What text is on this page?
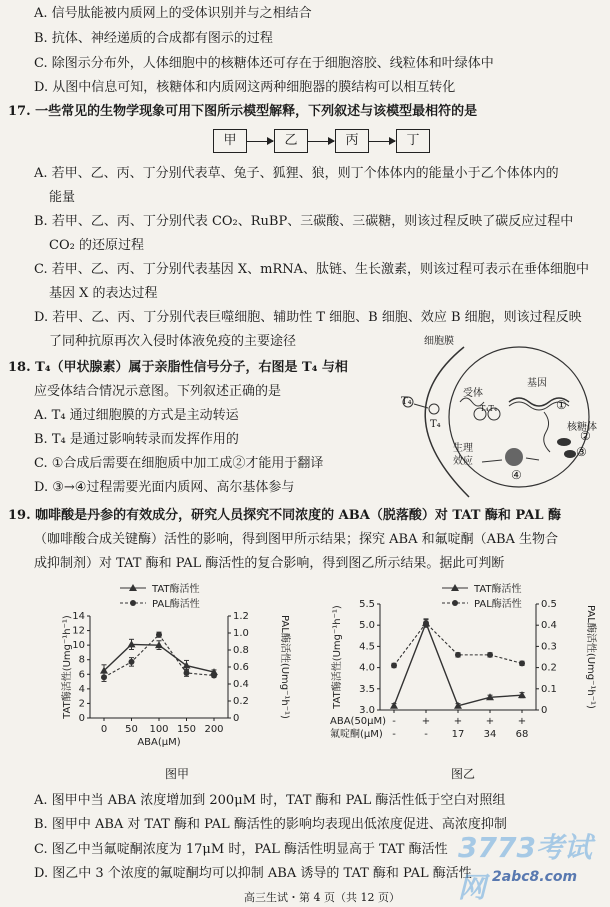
A. 信号肽能被内质网上的受体识别并与之相结合
B. 抗体、神经递质的合成都有图示的过程
C. 除图示分布外，人体细胞中的核糖体还可存在于细胞溶胶、线粒体和叶绿体中
D. 从图中信息可知，核糖体和内质网这两种细胞器的膜结构可以相互转化
17. 一些常见的生物学现象可用下图所示模型解释，下列叙述与该模型最相符的是
甲	乙	丙	丁
A. 若甲、乙、丙、丁分别代表草、兔子、狐狸、狼，则丁个体体内的能量小于乙个体体内的
能量
B. 若甲、乙、丙、丁分别代表 CO₂、RuBP、三碳酸、三碳糖，则该过程反映了碳反应过程中
CO₂ 的还原过程
C. 若甲、乙、丙、丁分别代表基因 X、mRNA、肽链、生长激素，则该过程可表示在垂体细胞中
基因 X 的表达过程
D. 若甲、乙、丙、丁分别代表巨噬细胞、辅助性 T 细胞、B 细胞、效应 B 细胞，则该过程反映
了同种抗原再次入侵时体液免疫的主要途径
18. T₄（甲状腺素）属于亲脂性信号分子，右图是 T₄ 与相
应受体结合情况示意图。下列叙述正确的是
A. T₄ 通过细胞膜的方式是主动转运
B. T₄ 是通过影响转录而发挥作用的
C. ①合成后需要在细胞质中加工成②才能用于翻译
D. ③→④过程需要光面内质网、高尔基体参与
细胞膜
T₄
T₄
受体
T₄T₄
基因
核糖体
生理
效应
①
②
③
④
19. 咖啡酸是丹参的有效成分，研究人员探究不同浓度的 ABA（脱落酸）对 TAT 酶和 PAL 酶
（咖啡酸合成关键酶）活性的影响，得到图甲所示结果；探究 ABA 和氟啶酮（ABA 生物合
成抑制剂）对 TAT 酶和 PAL 酶活性的复合影响，得到图乙所示结果。据此可判断
0
2
4
6
8
10
12
14
0
0.2
0.4
0.6
0.8
1.0
1.2
0 50 100 150 200
ABA(μM)
TAT酶活性(Umg⁻¹h⁻¹)	PAL酶活性(Umg⁻¹h⁻¹)
TAT酶活性
PAL酶活性
3.0
3.5
4.0
4.5
5.0
5.5
0
0.1
0.2
0.3
0.4
0.5
ABA(50μM) -	+ + + +
氟啶酮(μM) -	- 17 34 68
TAT酶活性(Umg⁻¹h⁻¹)	PAL酶活性(Umg⁻¹h⁻¹)
TAT酶活性
PAL酶活性
图甲	图乙
A. 图甲中当 ABA 浓度增加到 200μM 时，TAT 酶和 PAL 酶活性低于空白对照组
B. 图甲中 ABA 对 TAT 酶和 PAL 酶活性的影响均表现出低浓度促进、高浓度抑制
C. 图乙中当氟啶酮浓度为 17μM 时，PAL 酶活性明显高于 TAT 酶活性
D. 图乙中 3 个浓度的氟啶酮均可以抑制 ABA 诱导的 TAT 酶和 PAL 酶活性
高三生试・第 4 页（共 12 页）
3773考试网 2abc8.com
